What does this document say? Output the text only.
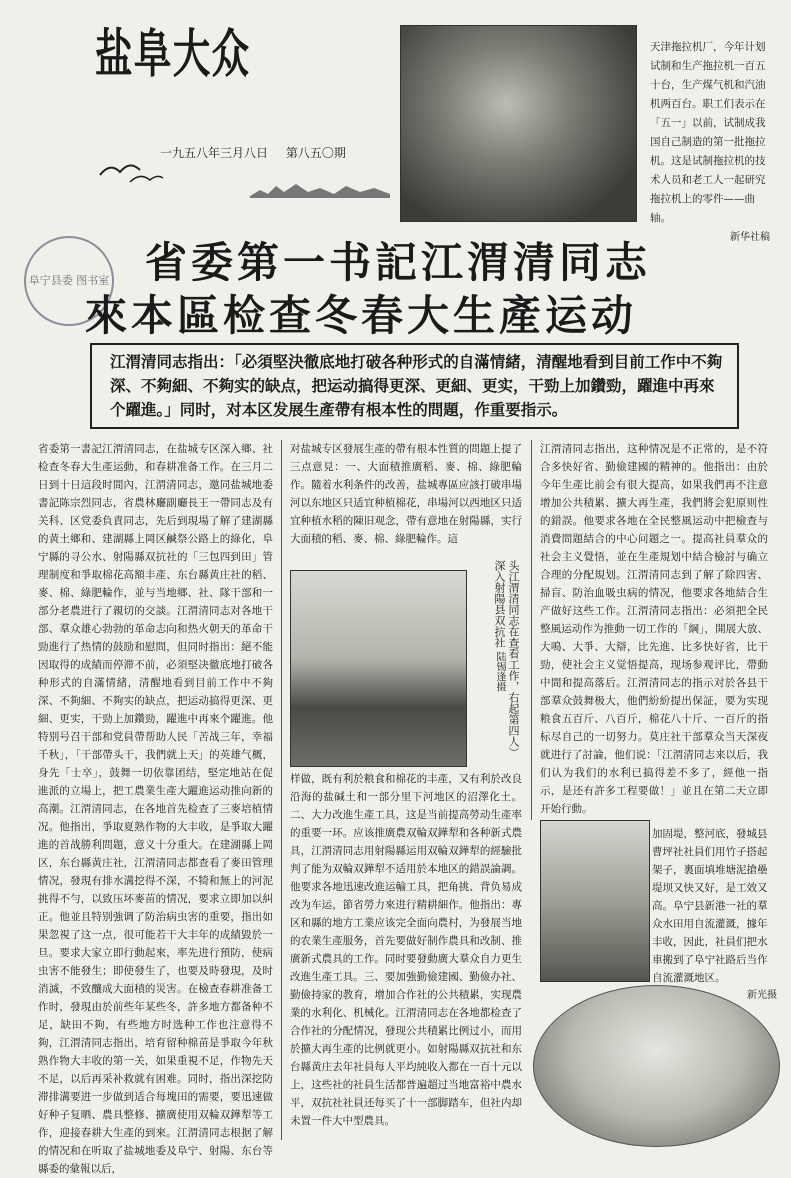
盐阜大众
一九五八年三月八日 第八五〇期
天津拖拉机厂，今年计划试制和生产拖拉机一百五十台，生产煤气机和汽油机两百台。职工们表示在「五一」以前，试制成我国自己制造的第一批拖拉机。这是试制拖拉机的技术人员和老工人一起研究拖拉机上的零件——曲轴。
新华社稿
阜宁县委 图书室 省委第一书記江渭清同志
來本區检查冬春大生產运动
江渭清同志指出：「必須堅決徹底地打破各种形式的自滿情緒，清醒地看到目前工作中不夠深、不夠細、不夠实的缺点，把运动搞得更深、更細、更实，干勁上加鑽勁，躍進中再來个躍進。」同时，对本区发展生產帶有根本性的問題，作重要指示。
省委第一書記江渭清同志，在盐城专区深入鄉、社检查冬春大生產运動，和春耕准备工作。在三月二日到十日這段时間內，江渭清同志，邀同盐城地委書記陈宗烈同志，省農林廳副廳長王一帶同志及有关科、区党委負責同志，先后到現場了解了建湖縣的黄土鄉和、建湖縣上岡区鹹祭公路上的綠化，阜宁縣的寻公水、射陽縣双抗社的「三包四到田」管理制度和爭取棉花高額丰產、东台縣黄庄社的稻、麥、棉、綠肥輪作，並与当地鄉、社、隊干部和一部分老農进行了親切的交談。江渭清同志对各地干部、羣众雄心勃勃的革命志向和热火朝天的革命干勁進行了热情的鼓励和慰問，但同时指出：絕不能因取得的成績而停滞不前，必須堅决徹底地打破各种形式的自滿情緒，清醒地看到目前工作中不夠深、不夠細、不夠实的缺点，把运动搞得更深、更細、更实，干勁上加鑽勁，躍進中再來个躍進。他特别号召干部和党員帶帮助人民「苦战三年，幸福千秋」，「干部帶头干，我們就上天」的英雄气概，身先「士卒」，鼓舞一切依靠团结，堅定地站在促進派的立場上，把工農業生產大躍進运动推向新的高潮。江渭清同志，在各地首先检查了三麥培植情况。他指出，爭取夏熟作物的大丰收，是爭取大躍進的首战勝利問題，意义十分重大。在建湖縣上岡区，东台縣黄庄社，江渭清同志都查看了麥田管理情况，發現有排水溝挖得不深，不犄和無上的河泥挑得不勻，以致压坏麥苗的情况，要求立即加以糾正。他並且特别強调了防治病虫害的重要，指出如果忽視了这一点，很可能若干大丰年的成績毀於一旦。要求大家立即行動起來，率先进行預防，使病虫害不能發生；即使發生了，也要及時發現，及时消滅，不致釀成大面積的災害。在檢查春耕准备工作时，發現由於前些年某些冬，許多地方都备种不足，缺田不夠，有些地方时选种工作也注意得不夠，江渭清同志指出，培育留种棉苗是爭取今年秋熟作物大丰收的第一关，如果重視不足，作物先天不足，以后再采补救就有困难。同时，指出深挖防滞排溝要进一步做到适合每塊田的需要，要迅速做好种子复晒、農具整修、擴廣使用双輪双鏵犁等工作，迎接春耕大生產的到來。江渭清同志根据了解的情况和在听取了盐城地委及阜宁、射陽、东台等縣委的彙報以后，
对盐城专区發展生產的帶有根本性質的問題上提了三点意見：一、大面積推廣稻、麥、棉、綠肥輪作。隨着水利条件的改善，盐城專區应該打破串場河以东地区只适宜种植棉花，串場河以西地区只适宜种植水稻的陳旧观念，帶有意地在射陽縣，实行大面積的稻、麥、棉、綠肥輪作。這
头江渭清同志在查看工作，右起第四人）深入射陽县双抗社 陆锡逢摄
样做，既有利於粮食和棉花的丰產，又有利於改良沿海的盐碱土和一部分里下河地区的沼澤化土。二、大力改進生產工具，这是当前提高勞动生產率的重要一环。应该推廣農双輪双鏵犁和各种新式農具，江渭清同志用射陽縣运用双輪双鏵犁的經驗批判了能为双輪双鏵犁不适用於本地区的錯誤論調。他要求各地迅速改進运輸工具，把角挑、背负易成改为车运，節省勞力來进行精耕細作。他指出：專区和縣的地方工業应该完全面向農村，为發展当地的农業生產服务，首先要做好制作農具和改制、推廣新式農具的工作。同时要發動廣大羣众自力更生改進生產工具。三、要加強勤儉建國、勤儉办社、勤儉持家的教育，增加合作社的公共積累，实现農業的水利化、机械化。江渭清同志在各地都检查了合作社的分配情况，發现公共積累比例过小，而用於擴大再生產的比例就更小。如射陽縣双抗社和东台縣黄庄去年社員每人平均純收入都在一百十元以上，这些社的社員生活都普遍超过当地富裕中農水平，双抗社社員还每买了十一部脚踏车，但社内却未置一件大中型農具。
江渭清同志指出，这种情况是不正常的，是不符合多快好省、勤儉建國的精神的。他指出：由於今年生產比前会有很大提高，如果我們再不注意增加公共積累、擴大再生產，我們將会犯原则性的錯誤。他要求各地在全民整風运动中把檢查与消費問題結合的中心问题之一。提高社員羣众的社会主义覺悟，並在生產規划中結合檢討与确立合理的分配規划。江渭清同志到了解了除四害、掃盲、防治血吸虫病的情况，他要求各地結合生产做好这些工作。江渭清同志指出：必須把全民整風运动作为推動一切工作的「綱」，開展大放、大鳴、大爭、大辯，比先進、比多快好省，比干勁，使社会主义觉悟提高，现场参观评比，帶動中間和提高落后。江渭清同志的指示对於各县干部羣众鼓舞极大，他們紛紛提出保証，要为实现粮食五百斤、八百斤，棉花八十斤、一百斤的指标尽自己的一切努力。莫庄社干部羣众当天深夜就进行了討論，他们说：「江渭清同志来以后，我们认为我们的水利已搞得差不多了，經他一指示，是还有許多工程要做！」並且在第二天立即开始行動。
加固堤，整河底，發城县曹坪社社員们用竹子搭起架子，裏面填堆塘泥搶壘堤坝又快又好，是工效又高。阜宁县新港一社的羣众水田用自流灌溉，據年丰收，因此，社員们把水車搬到了阜宁社路后当作自流灌溉地区。
新光摄
